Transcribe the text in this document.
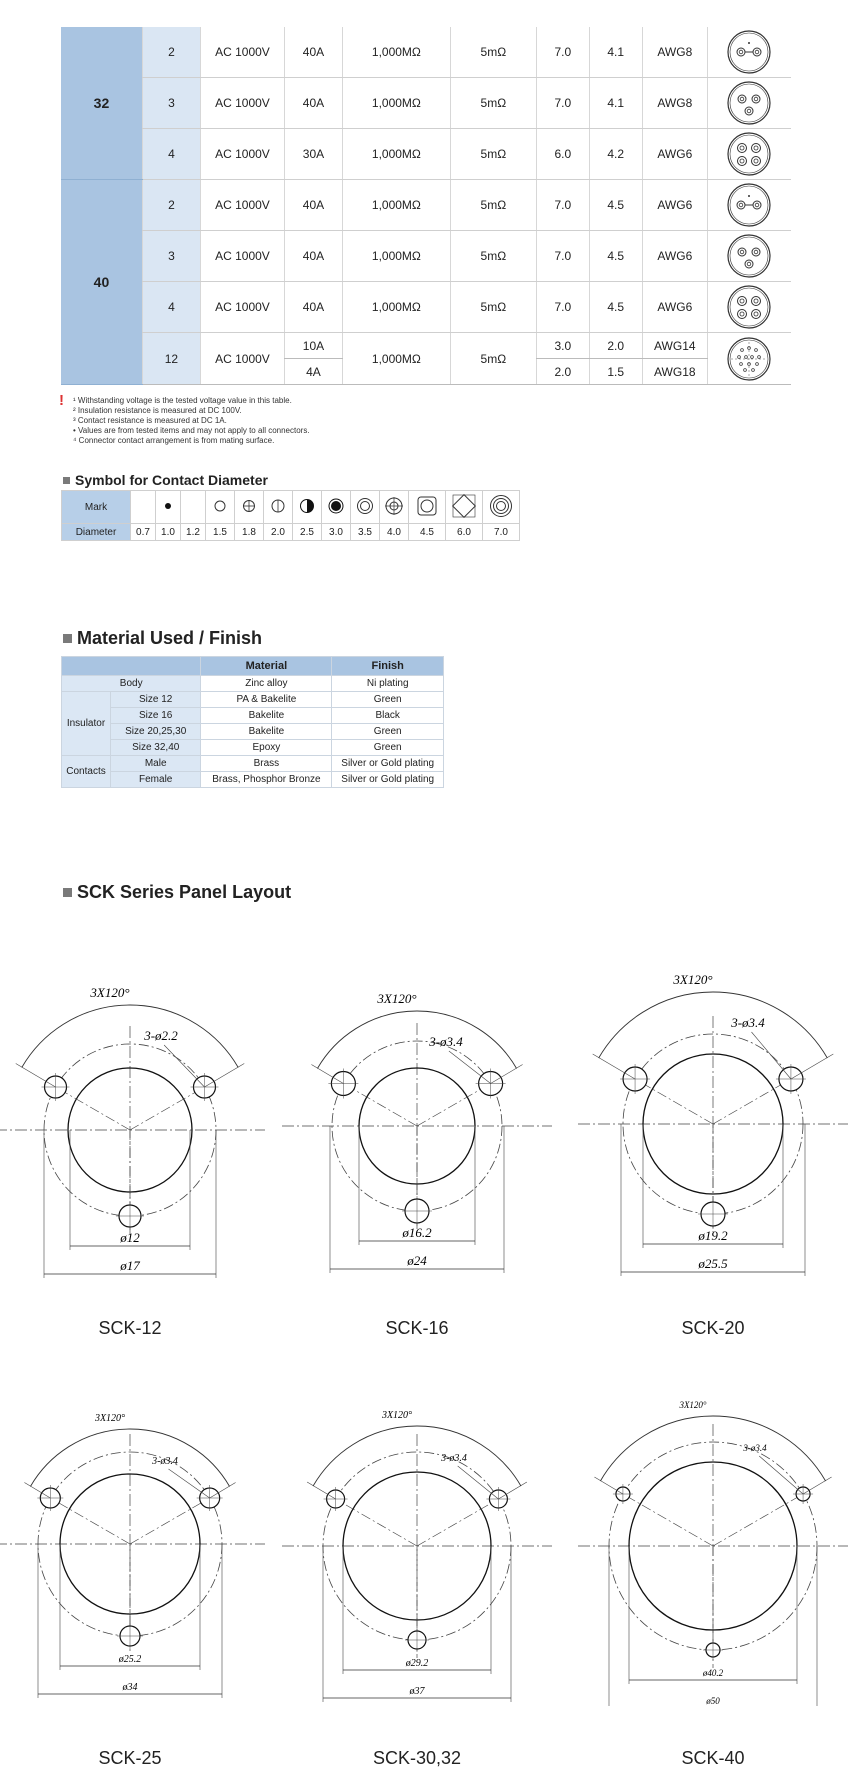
32	2	AC 1000V	40A	1,000MΩ	5mΩ	7.0	4.1	AWG8	

	3	AC 1000V	40A	1,000MΩ	5mΩ	7.0	4.1	AWG8	

	4	AC 1000V	30A	1,000MΩ	5mΩ	6.0	4.2	AWG6	

40	2	AC 1000V	40A	1,000MΩ	5mΩ	7.0	4.5	AWG6	

	3	AC 1000V	40A	1,000MΩ	5mΩ	7.0	4.5	AWG6	

	4	AC 1000V	40A	1,000MΩ	5mΩ	7.0	4.5	AWG6	

	12	AC 1000V	10A	1,000MΩ	5mΩ	3.0	2.0	AWG14	

			4A			2.0	1.5	AWG18	
! ¹ Withstanding voltage is the tested voltage value in this table.
² Insulation resistance is measured at DC 100V.
³ Contact resistance is measured at DC 1A.
• Values are from tested items and may not apply to all connectors.
⁴ Connector contact arrangement is from mating surface.
Symbol for Contact Diameter
Mark													
Diameter	0.7	1.0	1.2	1.5	1.8	2.0	2.5	3.0	3.5	4.0	4.5	6.0	7.0
Material Used / Finish
		Material	Finish
Body		Zinc alloy	Ni plating
Insulator	Size 12	PA & Bakelite	Green
	Size 16	Bakelite	Black
	Size 20,25,30	Bakelite	Green
	Size 32,40	Epoxy	Green
Contacts	Male	Brass	Silver or Gold plating
	Female	Brass, Phosphor Bronze	Silver or Gold plating
SCK Series Panel Layout
3X120°
3-ø2.2
ø12
ø17
SCK-12
3X120°
3-ø3.4
ø16.2
ø24
SCK-16
3X120°
3-ø3.4
ø19.2
ø25.5
SCK-20
3X120°
3-ø3.4
ø25.2
ø34
SCK-25
3X120°
3-ø3.4
ø29.2
ø37
SCK-30,32
3X120°
3-ø3.4
ø40.2
ø50
SCK-40
